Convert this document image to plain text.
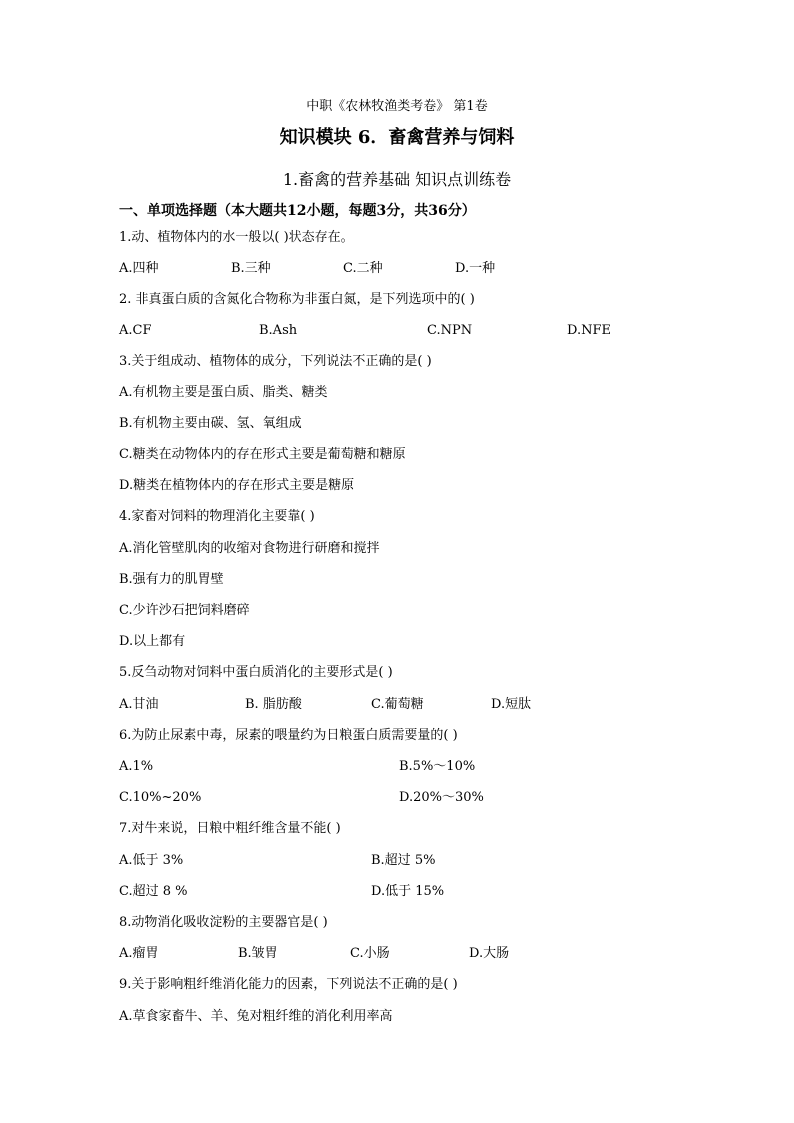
中职《农林牧渔类考卷》 第1卷
知识模块 6．畜禽营养与饲料
1.畜禽的营养基础 知识点训练卷
一、单项选择题（本大题共12小题，每题3分，共36分）
1.动、植物体内的水一般以( )状态存在。
A.四种	B.三种	C.二种	D.一种
2. 非真蛋白质的含氮化合物称为非蛋白氮，是下列选项中的( )
A.CF	B.Ash	C.NPN	D.NFE
3.关于组成动、植物体的成分，下列说法不正确的是( )
A.有机物主要是蛋白质、脂类、糖类
B.有机物主要由碳、氢、氧组成
C.糖类在动物体内的存在形式主要是葡萄糖和糖原
D.糖类在植物体内的存在形式主要是糖原
4.家畜对饲料的物理消化主要靠( )
A.消化管壁肌肉的收缩对食物进行研磨和搅拌
B.强有力的肌胃壁
C.少许沙石把饲料磨碎
D.以上都有
5.反刍动物对饲料中蛋白质消化的主要形式是( )
A.甘油	B. 脂肪酸	C.葡萄糖	D.短肽
6.为防止尿素中毒，尿素的喂量约为日粮蛋白质需要量的( )
A.1%	B.5%～10%
C.10%~20%	D.20%～30%
7.对牛来说，日粮中粗纤维含量不能( )
A.低于 3%	B.超过 5%
C.超过 8 %	D.低于 15%
8.动物消化吸收淀粉的主要器官是( )
A.瘤胃	B.皱胃	C.小肠	D.大肠
9.关于影响粗纤维消化能力的因素，下列说法不正确的是( )
A.草食家畜牛、羊、兔对粗纤维的消化利用率高
